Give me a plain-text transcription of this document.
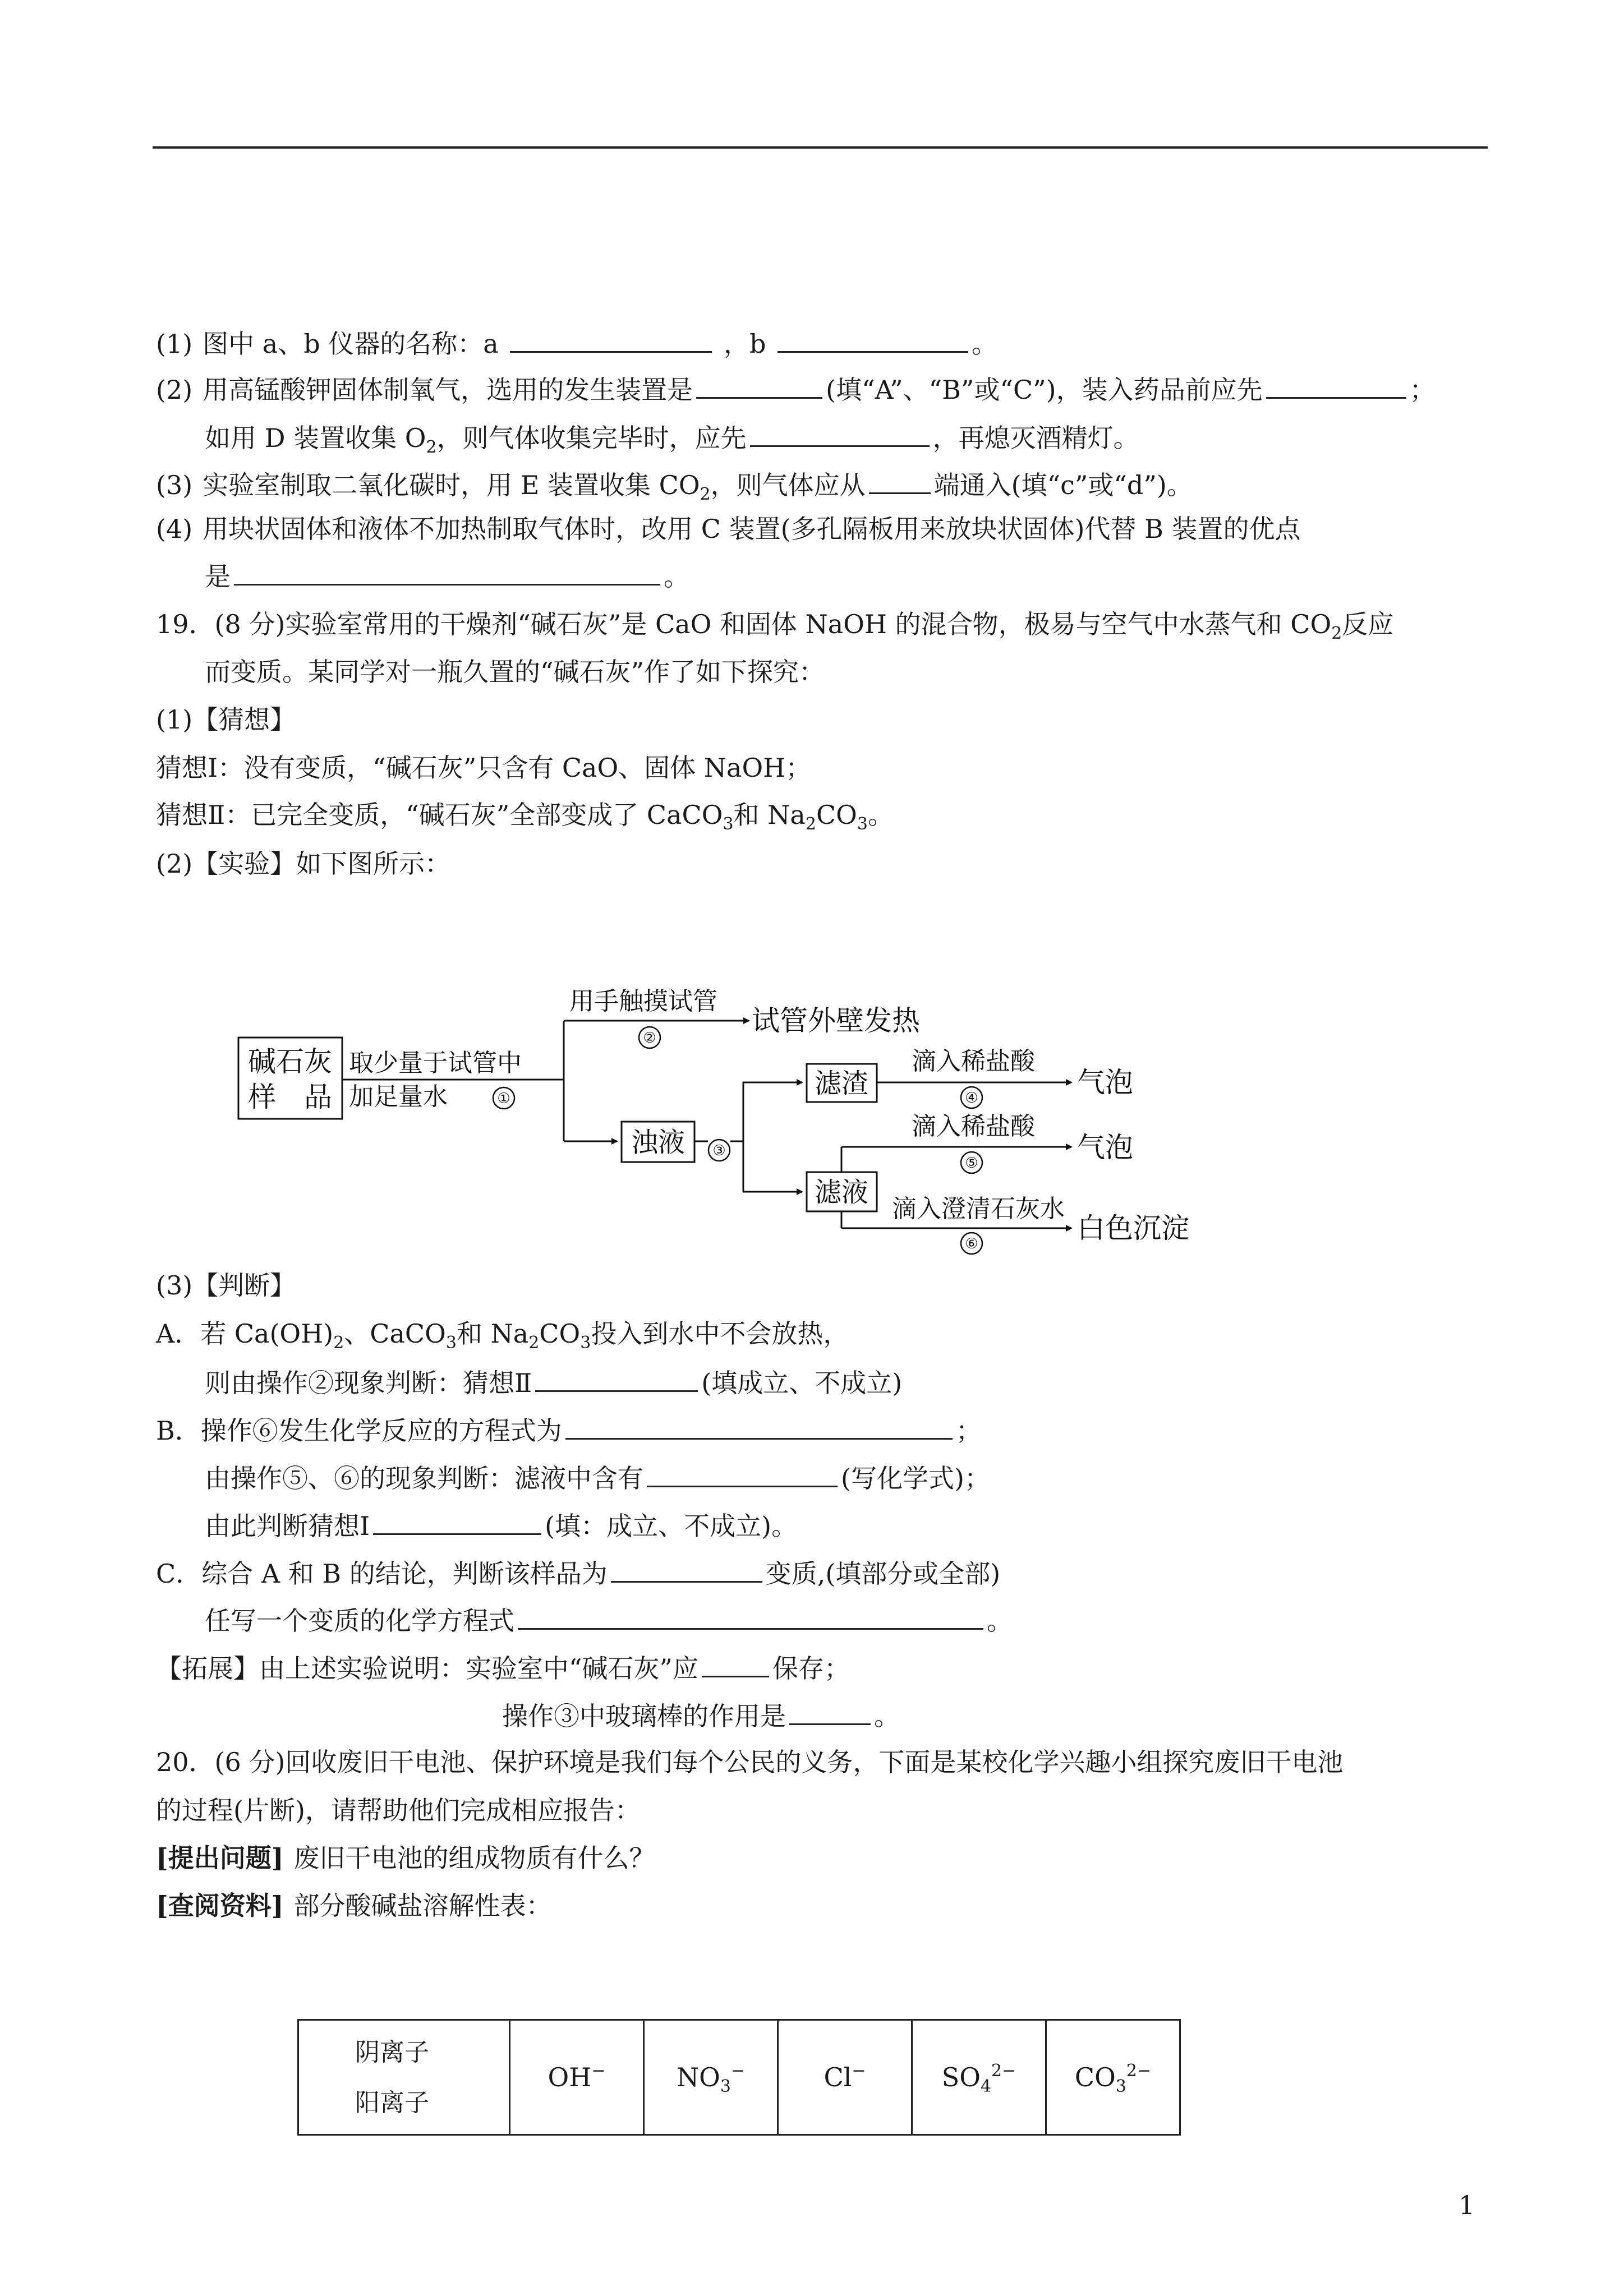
(1) 图中 a、b 仪器的名称：a	，b	。
(2) 用高锰酸钾固体制氧气，选用的发生装置是	(填“A”、“B”或“C”)，装入药品前应先	；
如用 D 装置收集 $O_2$，则气体收集完毕时，应先	，再熄灭酒精灯。
(3) 实验室制取二氧化碳时，用 E 装置收集 $CO_2$，则气体应从	端通入(填“c”或“d”)。
(4) 用块状固体和液体不加热制取气体时，改用 C 装置(多孔隔板用来放块状固体)代替 B 装置的优点
是	。
19．(8 分)实验室常用的干燥剂“碱石灰”是 CaO 和固体 NaOH 的混合物，极易与空气中水蒸气和 $CO_2$反应
而变质。某同学对一瓶久置的“碱石灰”作了如下探究：
(1)【猜想】
猜想Ⅰ：没有变质，“碱石灰”只含有 CaO、固体 NaOH；
猜想Ⅱ：已完全变质，“碱石灰”全部变成了 CaCO$_3$和 $Na_2CO_3$。
(2)【实验】如下图所示：
碱石灰
样　品
取少量于试管中
加足量水	①
用手触摸试管
②
试管外壁发热
浊液 ③
滤渣
滴入稀盐酸
④	气泡
滤液
滴入稀盐酸
⑤	气泡
滴入澄清石灰水
⑥	白色沉淀
(3)【判断】
A．若 $Ca(OH)_2$、CaCO$_3$和 $Na_2CO_3$投入到水中不会放热，
则由操作②现象判断：猜想Ⅱ	(填成立、不成立)
B．操作⑥发生化学反应的方程式为	；
由操作⑤、⑥的现象判断：滤液中含有	(写化学式)；
由此判断猜想Ⅰ	(填：成立、不成立)。
C．综合 A 和 B 的结论，判断该样品为	变质,(填部分或全部)
任写一个变质的化学方程式	。
【拓展】由上述实验说明：实验室中“碱石灰”应	保存；
操作③中玻璃棒的作用是	。
20．(6 分)回收废旧干电池、保护环境是我们每个公民的义务，下面是某校化学兴趣小组探究废旧干电池
的过程(片断)，请帮助他们完成相应报告：
[提出问题] 废旧干电池的组成物质有什么？
[查阅资料] 部分酸碱盐溶解性表：
阴离子
阳离子
	OH−	$NO_3^-$	Cl−	$SO_4^{2-}$	$CO_3^{2-}$
1
